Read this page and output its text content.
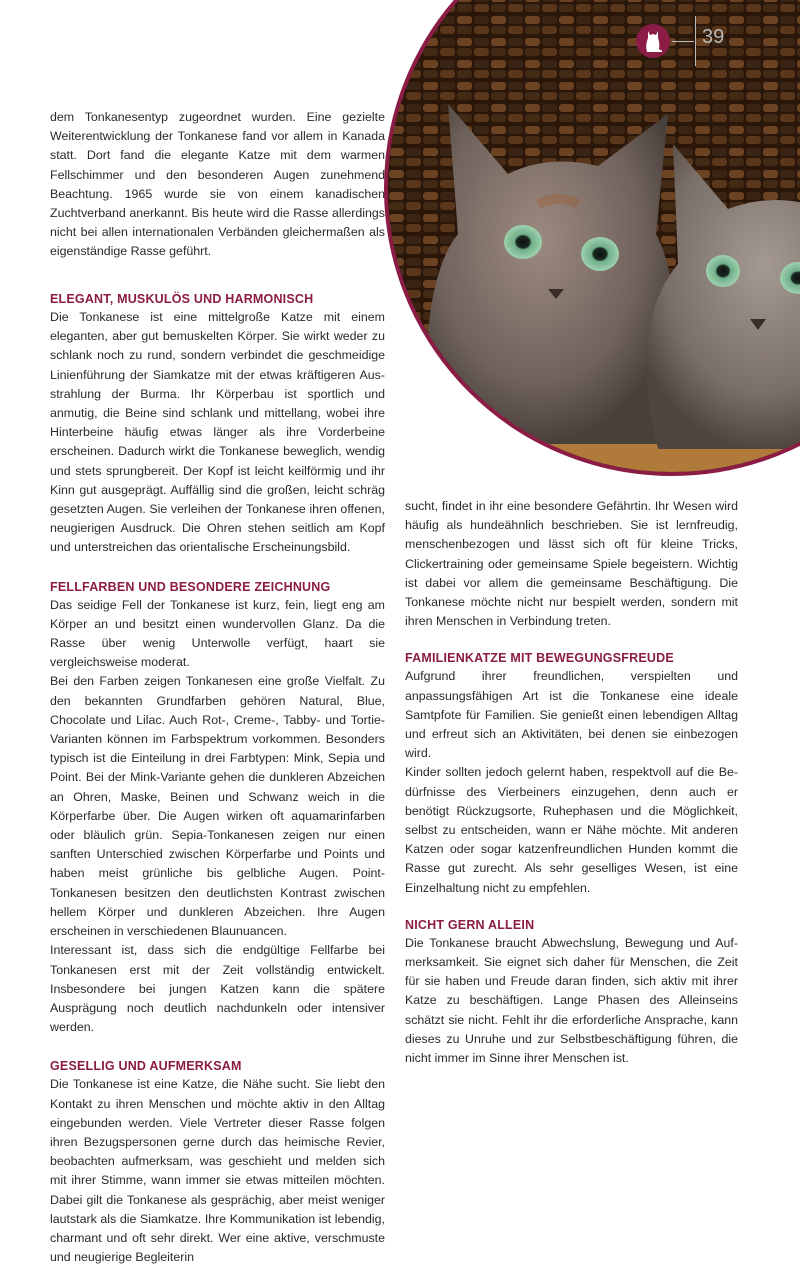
39

dem Tonkanesentyp zugeordnet wurden. Eine gezielte Weiterentwicklung der Tonkanese fand vor allem in Kanada statt. Dort fand die elegante Katze mit dem warmen Fellschimmer und den besonderen Augen zunehmend Beachtung. 1965 wurde sie von einem kanadischen Zuchtverband anerkannt. Bis heute wird die Rasse allerdings nicht bei allen internationalen Verbänden gleichermaßen als eigenständige Rasse geführt.

ELEGANT, MUSKULÖS UND HARMONISCH

Die Tonkanese ist eine mittelgroße Katze mit einem eleganten, aber gut bemuskelten Körper. Sie wirkt weder zu schlank noch zu rund, sondern verbindet die geschmeidige Linienführung der Siamkatze mit der etwas kräftigeren Ausstrahlung der Burma. Ihr Körperbau ist sportlich und anmutig, die Beine sind schlank und mittellang, wobei ihre Hinterbeine häufig etwas länger als ihre Vorderbeine erscheinen. Dadurch wirkt die Tonkanese beweglich, wendig und stets sprungbereit. Der Kopf ist leicht keilförmig und ihr Kinn gut ausgeprägt. Auffällig sind die großen, leicht schräg gesetzten Augen. Sie verleihen der Tonkanese ihren offenen, neugierigen Ausdruck. Die Ohren stehen seitlich am Kopf und unterstreichen das orientalische Erscheinungsbild.

FELLFARBEN UND BESONDERE ZEICHNUNG

Das seidige Fell der Tonkanese ist kurz, fein, liegt eng am Körper an und besitzt einen wundervollen Glanz. Da die Rasse über wenig Unterwolle verfügt, haart sie vergleichsweise moderat.

Bei den Farben zeigen Tonkanesen eine große Vielfalt. Zu den bekannten Grundfarben gehören Natural, Blue, Chocolate und Lilac. Auch Rot-, Creme-, Tabby- und Tortie-Varianten können im Farbspektrum vorkommen. Besonders typisch ist die Einteilung in drei Farbtypen: Mink, Sepia und Point. Bei der Mink-Variante gehen die dunkleren Abzeichen an Ohren, Maske, Beinen und Schwanz weich in die Körperfarbe über. Die Augen wirken oft aquamarinfarben oder bläulich grün. Sepia-Tonkanesen zeigen nur einen sanften Unterschied zwischen Körperfarbe und Points und haben meist grünliche bis gelbliche Augen. Point-Tonkanesen besitzen den deutlichsten Kontrast zwischen hellem Körper und dunkleren Abzeichen. Ihre Augen erscheinen in verschiedenen Blaunuancen.

Interessant ist, dass sich die endgültige Fellfarbe bei Tonkanesen erst mit der Zeit vollständig entwickelt. Insbesondere bei jungen Katzen kann die spätere Ausprägung noch deutlich nachdunkeln oder intensiver werden.

GESELLIG UND AUFMERKSAM

Die Tonkanese ist eine Katze, die Nähe sucht. Sie liebt den Kontakt zu ihren Menschen und möchte aktiv in den Alltag eingebunden werden. Viele Vertreter dieser Rasse folgen ihren Bezugspersonen gerne durch das heimische Revier, beobachten aufmerksam, was geschieht und melden sich mit ihrer Stimme, wann immer sie etwas mitteilen möchten. Dabei gilt die Tonkanese als gesprächig, aber meist weniger lautstark als die Siamkatze. Ihre Kommunikation ist lebendig, charmant und oft sehr direkt. Wer eine aktive, verschmuste und neugierige Begleiterin

sucht, findet in ihr eine besondere Gefährtin. Ihr Wesen wird häufig als hundeähnlich beschrieben. Sie ist lernfreudig, menschenbezogen und lässt sich oft für kleine Tricks, Clickertraining oder gemeinsame Spiele begeistern. Wichtig ist dabei vor allem die gemeinsame Beschäftigung. Die Tonkanese möchte nicht nur bespielt werden, sondern mit ihren Menschen in Verbindung treten.

FAMILIENKATZE MIT BEWEGUNGSFREUDE

Aufgrund ihrer freundlichen, verspielten und anpassungsfähigen Art ist die Tonkanese eine ideale Samtpfote für Familien. Sie genießt einen lebendigen Alltag und erfreut sich an Aktivitäten, bei denen sie einbezogen wird.

Kinder sollten jedoch gelernt haben, respektvoll auf die Bedürfnisse des Vierbeiners einzugehen, denn auch er benötigt Rückzugsorte, Ruhephasen und die Möglichkeit, selbst zu entscheiden, wann er Nähe möchte. Mit anderen Katzen oder sogar katzenfreundlichen Hunden kommt die Rasse gut zurecht. Als sehr geselliges Wesen, ist eine Einzelhaltung nicht zu empfehlen.

NICHT GERN ALLEIN

Die Tonkanese braucht Abwechslung, Bewegung und Aufmerksamkeit. Sie eignet sich daher für Menschen, die Zeit für sie haben und Freude daran finden, sich aktiv mit ihrer Katze zu beschäftigen. Lange Phasen des Alleinseins schätzt sie nicht. Fehlt ihr die erforderliche Ansprache, kann dieses zu Unruhe und zur Selbstbeschäftigung führen, die nicht immer im Sinne ihrer Menschen ist.
